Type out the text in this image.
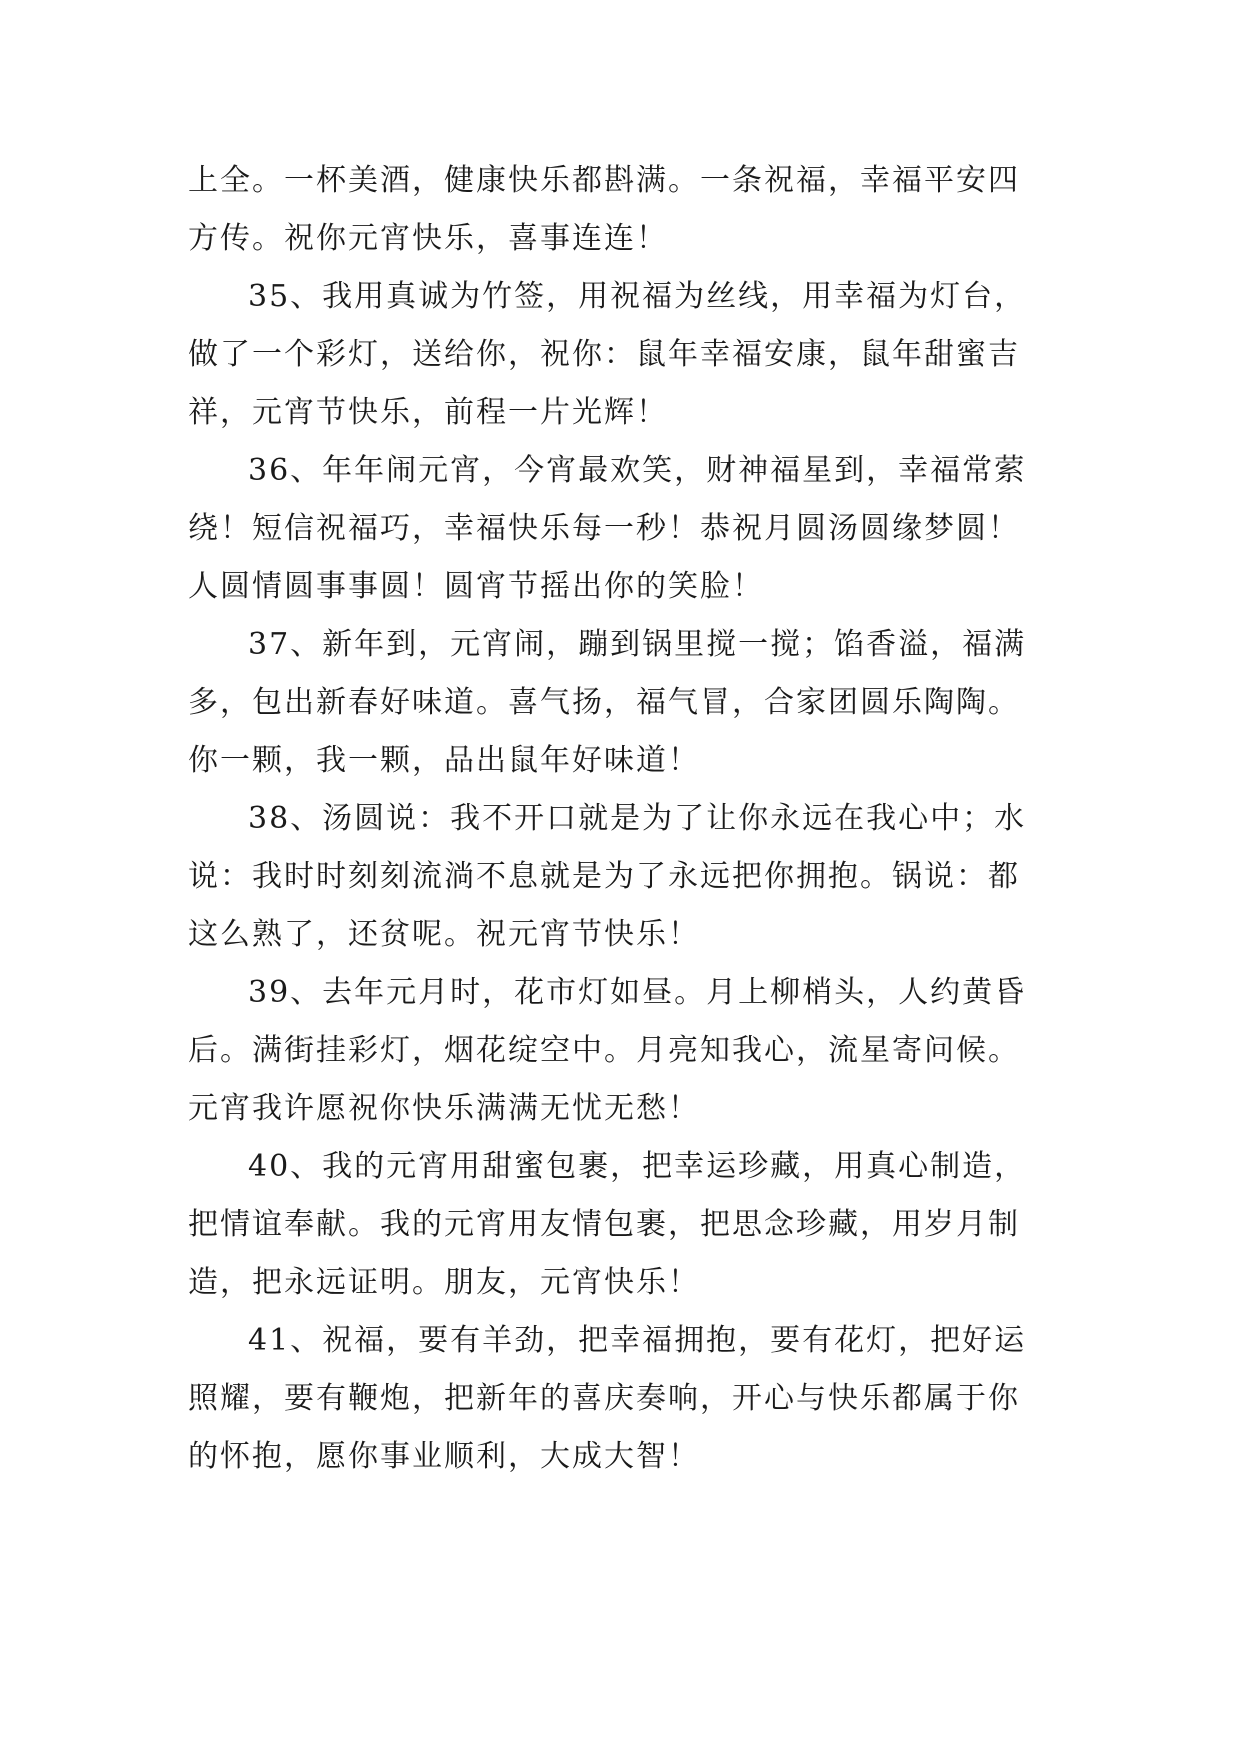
上全。一杯美酒，健康快乐都斟满。一条祝福，幸福平安四
方传。祝你元宵快乐，喜事连连！
35、我用真诚为竹签，用祝福为丝线，用幸福为灯台，
做了一个彩灯，送给你，祝你：鼠年幸福安康，鼠年甜蜜吉
祥，元宵节快乐，前程一片光辉！
36、年年闹元宵，今宵最欢笑，财神福星到，幸福常萦
绕！短信祝福巧，幸福快乐每一秒！恭祝月圆汤圆缘梦圆！
人圆情圆事事圆！圆宵节摇出你的笑脸！
37、新年到，元宵闹，蹦到锅里搅一搅；馅香溢，福满
多，包出新春好味道。喜气扬，福气冒，合家团圆乐陶陶。
你一颗，我一颗，品出鼠年好味道！
38、汤圆说：我不开口就是为了让你永远在我心中；水
说：我时时刻刻流淌不息就是为了永远把你拥抱。锅说：都
这么熟了，还贫呢。祝元宵节快乐！
39、去年元月时，花市灯如昼。月上柳梢头，人约黄昏
后。满街挂彩灯，烟花绽空中。月亮知我心，流星寄问候。
元宵我许愿祝你快乐满满无忧无愁！
40、我的元宵用甜蜜包裹，把幸运珍藏，用真心制造，
把情谊奉献。我的元宵用友情包裹，把思念珍藏，用岁月制
造，把永远证明。朋友，元宵快乐！
41、祝福，要有羊劲，把幸福拥抱，要有花灯，把好运
照耀，要有鞭炮，把新年的喜庆奏响，开心与快乐都属于你
的怀抱，愿你事业顺利，大成大智！
